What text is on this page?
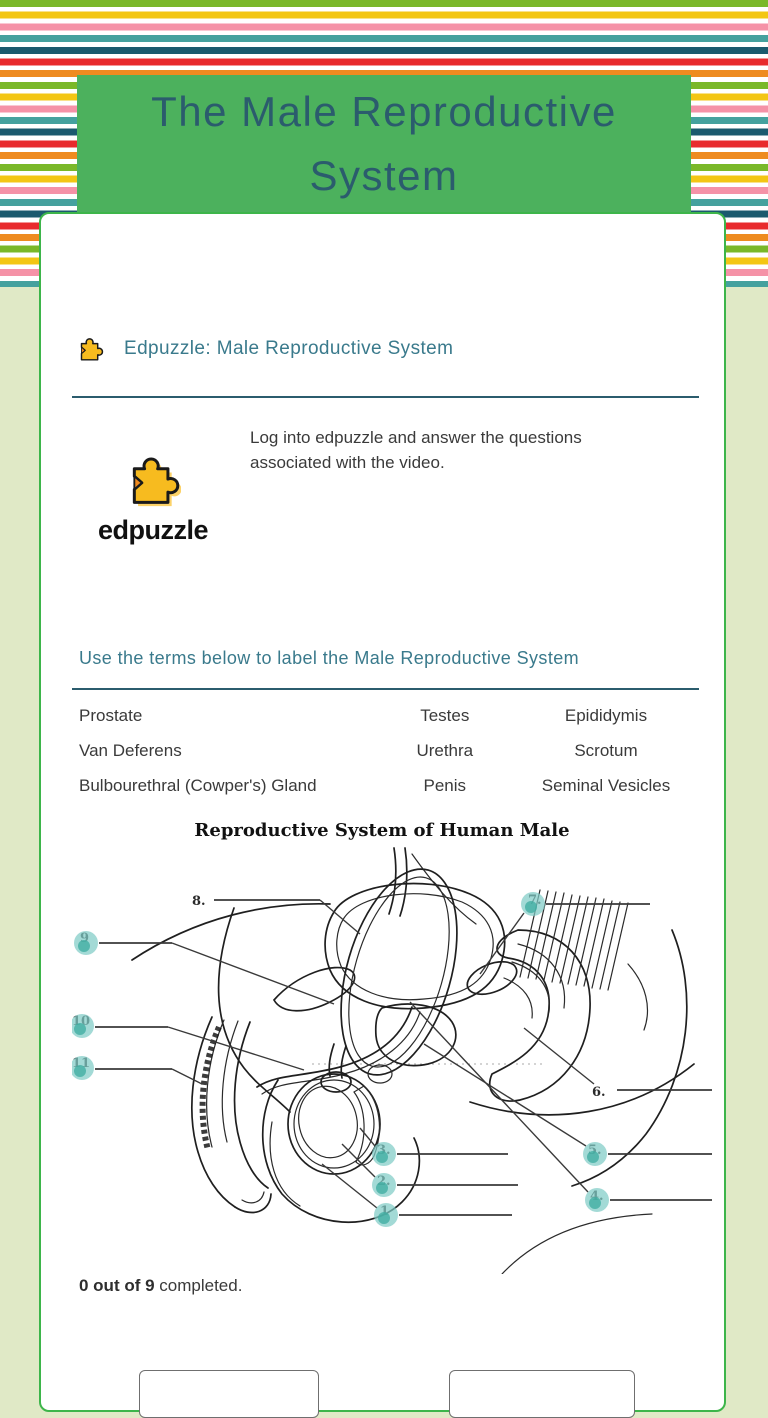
The Male Reproductive
System
Edpuzzle: Male Reproductive System
edpuzzle
Log into edpuzzle and answer the questions
associated with the video.
Use the terms below to label the Male Reproductive System
Prostate	Testes	Epididymis
Van Deferens	Urethra	Scrotum
Bulbourethral (Cowper's) Gland	Penis	Seminal Vesicles
Reproductive System of Human Male
8.
6.
0 out of 9 completed.
